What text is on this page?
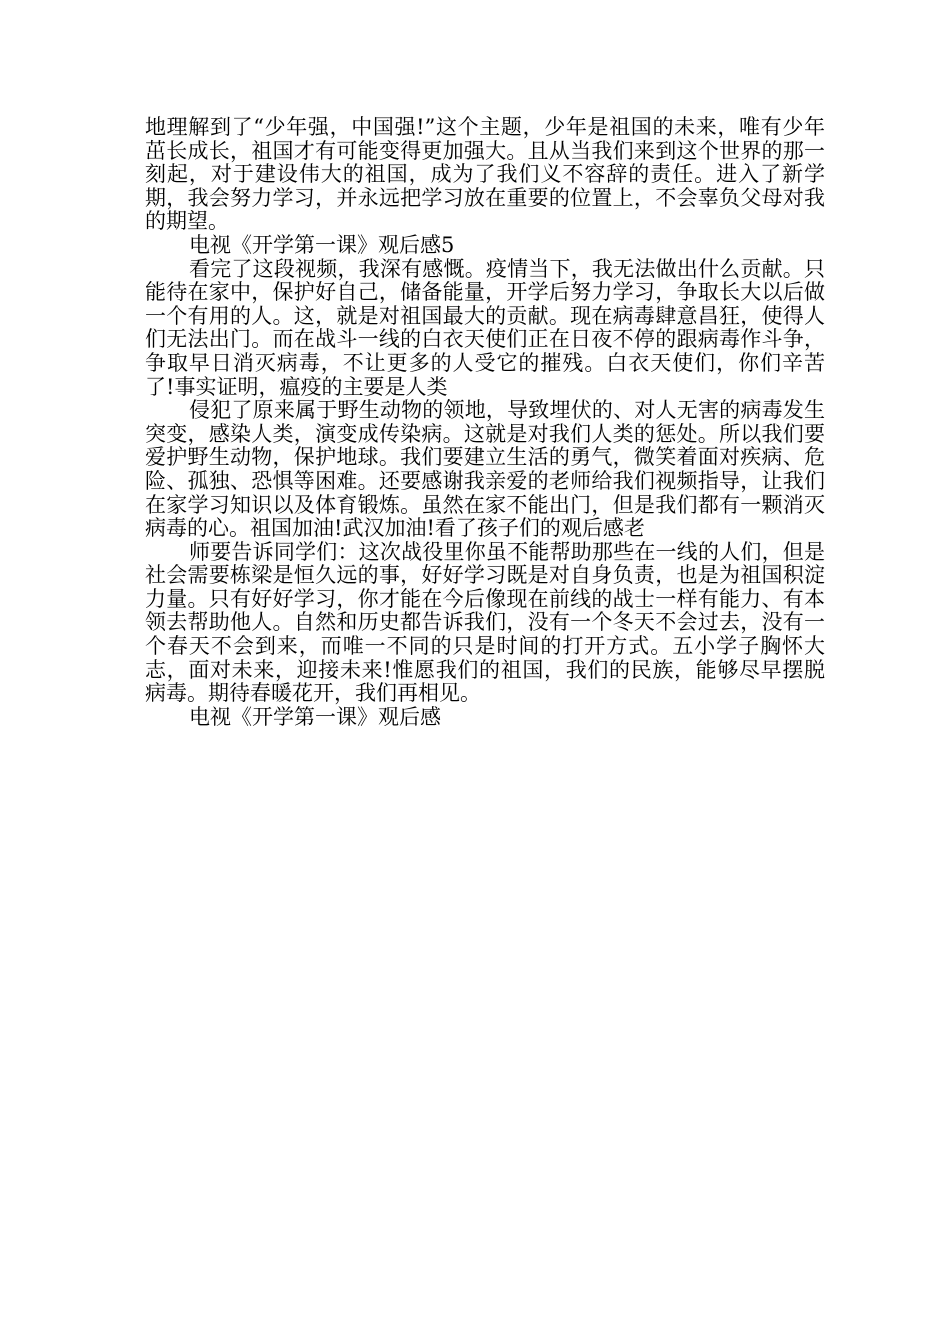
地理解到了“少年强，中国强!”这个主题，少年是祖国的未来，唯有少年茁长成长，祖国才有可能变得更加强大。且从当我们来到这个世界的那一刻起，对于建设伟大的祖国，成为了我们义不容辞的责任。进入了新学期，我会努力学习，并永远把学习放在重要的位置上，不会辜负父母对我的期望。

电视《开学第一课》观后感5

看完了这段视频，我深有感慨。疫情当下，我无法做出什么贡献。只能待在家中，保护好自己，储备能量，开学后努力学习，争取长大以后做一个有用的人。这，就是对祖国最大的贡献。现在病毒肆意昌狂，使得人们无法出门。而在战斗一线的白衣天使们正在日夜不停的跟病毒作斗争，争取早日消灭病毒，不让更多的人受它的摧残。白衣天使们，你们辛苦了!事实证明，瘟疫的主要是人类

侵犯了原来属于野生动物的领地，导致埋伏的、对人无害的病毒发生突变，感染人类，演变成传染病。这就是对我们人类的惩处。所以我们要爱护野生动物，保护地球。我们要建立生活的勇气，微笑着面对疾病、危险、孤独、恐惧等困难。还要感谢我亲爱的老师给我们视频指导，让我们在家学习知识以及体育锻炼。虽然在家不能出门，但是我们都有一颗消灭病毒的心。祖国加油!武汉加油!看了孩子们的观后感老

师要告诉同学们：这次战役里你虽不能帮助那些在一线的人们，但是社会需要栋梁是恒久远的事，好好学习既是对自身负责，也是为祖国积淀力量。只有好好学习，你才能在今后像现在前线的战士一样有能力、有本领去帮助他人。自然和历史都告诉我们，没有一个冬天不会过去，没有一个春天不会到来，而唯一不同的只是时间的打开方式。五小学子胸怀大志，面对未来，迎接未来!惟愿我们的祖国，我们的民族，能够尽早摆脱病毒。期待春暖花开，我们再相见。

电视《开学第一课》观后感
